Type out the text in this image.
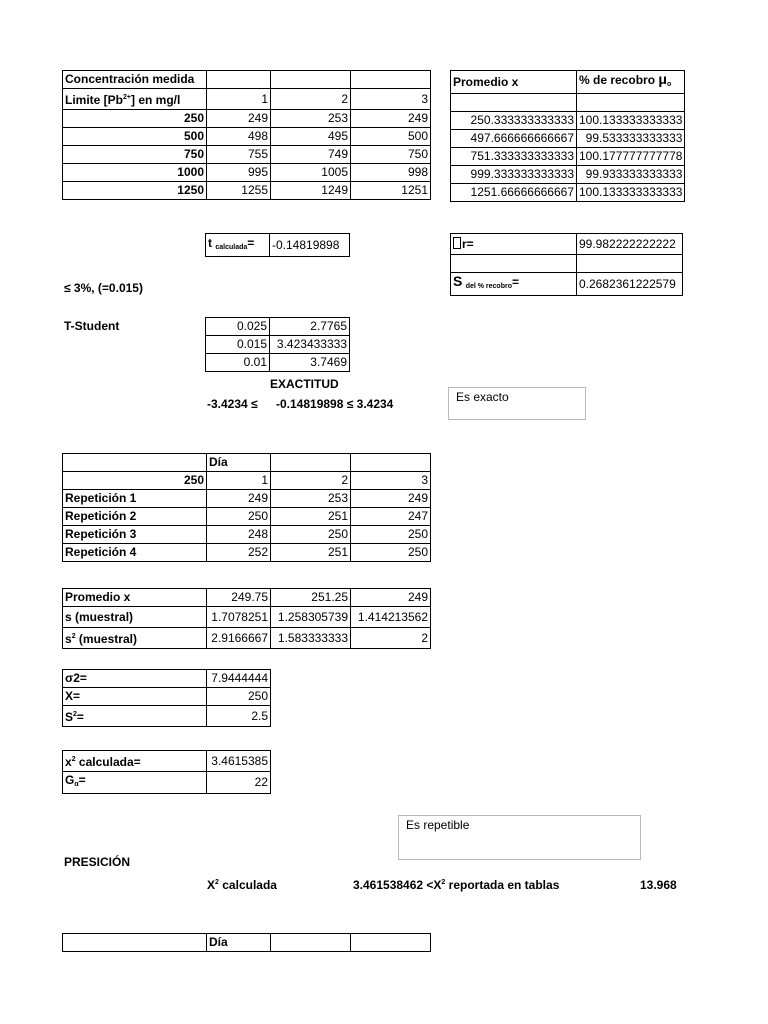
Concentración medida			
Limite $[Pb^{2+}]$ en mg/l	1	2	3
250	249	253	249
500	498	495	500
750	755	749	750
1000	995	1005	998
1250	1255	1249	1251
Promedio x	% de recobro $\mu_o$

250.333333333333	100.133333333333
497.666666666667	99.533333333333
751.333333333333	100.177777777778
999.333333333333	99.933333333333
1251.66666666667	100.133333333333
t $_{calculada}$=	-0.14819898	r=	99.982222222222

S $_{del \% recobro}$=	0.2682361222579
≤ 3%, (=0.015)
T-Student	0.025	2.7765
0.015	3.423433333
0.01	3.7469
EXACTITUD
-3.4234 ≤ -0.14819898 ≤ 3.4234	Es exacto
	Día		
250	1	2	3
Repetición 1	249	253	249
Repetición 2	250	251	247
Repetición 3	248	250	250
Repetición 4	252	251	250
Promedio x	249.75	251.25	249
s (muestral)	1.7078251	1.258305739	1.414213562
$s^2$ (muestral)	2.9166667	1.583333333	2
σ2=	7.9444444
X=	250
$S^2=$	2.5
$x^2$ calculada=	3.4615385
$G_\alpha=$	22
Es repetible
PRESICIÓN
$X^2$ calculada	$3.461538462 <X^2$ reportada en tablas	13.968
	Día		
